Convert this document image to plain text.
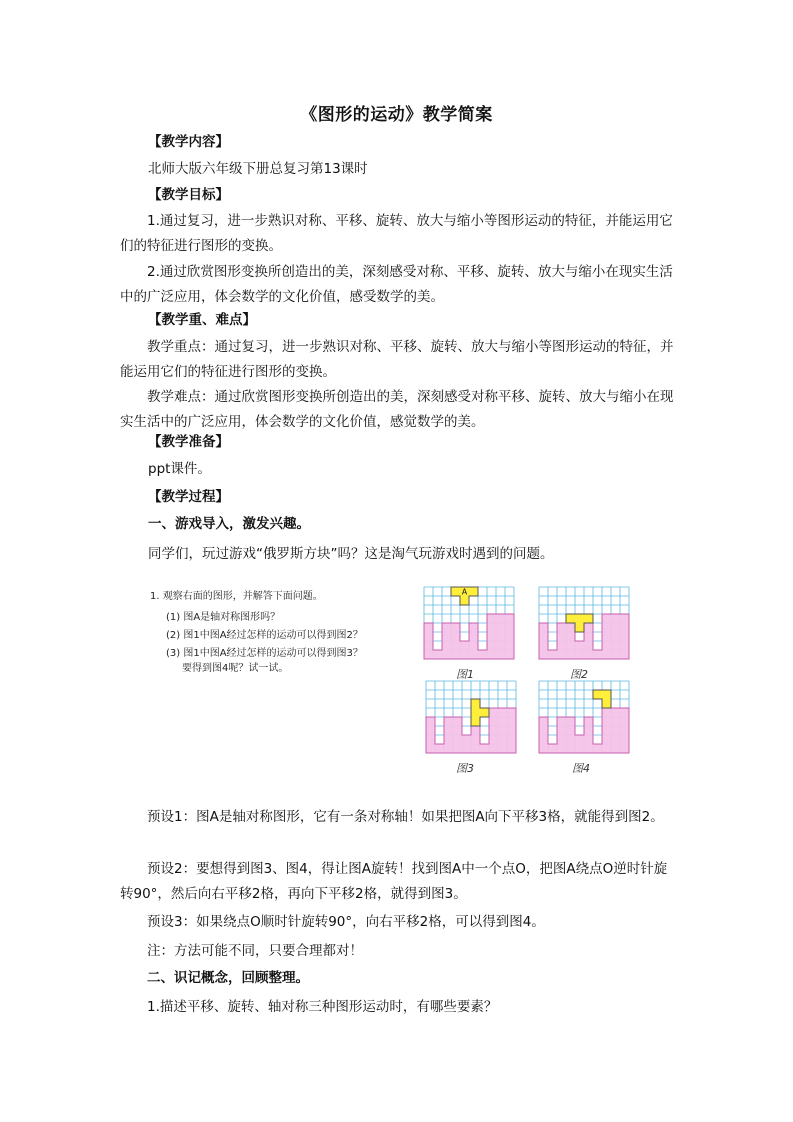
《图形的运动》教学简案
【教学内容】
北师大版六年级下册总复习第13课时
【教学目标】
1.通过复习，进一步熟识对称、平移、旋转、放大与缩小等图形运动的特征，并能运用它们的特征进行图形的变换。
2.通过欣赏图形变换所创造出的美，深刻感受对称、平移、旋转、放大与缩小在现实生活中的广泛应用，体会数学的文化价值，感受数学的美。
【教学重、难点】
教学重点：通过复习，进一步熟识对称、平移、旋转、放大与缩小等图形运动的特征，并能运用它们的特征进行图形的变换。
教学难点：通过欣赏图形变换所创造出的美，深刻感受对称平移、旋转、放大与缩小在现实生活中的广泛应用，体会数学的文化价值，感觉数学的美。
【教学准备】
ppt课件。
【教学过程】
一、游戏导入，激发兴趣。
同学们，玩过游戏“俄罗斯方块”吗？这是淘气玩游戏时遇到的问题。
1. 观察右面的图形，并解答下面问题。
(1) 图A是轴对称图形吗？
(2) 图1中图A经过怎样的运动可以得到图2？
(3) 图1中图A经过怎样的运动可以得到图3？
要得到图4呢？试一试。
A
图1	图2
图3	图4
预设1：图A是轴对称图形，它有一条对称轴！如果把图A向下平移3格，就能得到图2。
预设2：要想得到图3、图4，得让图A旋转！找到图A中一个点O，把图A绕点O逆时针旋转90°，然后向右平移2格，再向下平移2格，就得到图3。
预设3：如果绕点O顺时针旋转90°，向右平移2格，可以得到图4。
注：方法可能不同，只要合理都对！
二、识记概念，回顾整理。
1.描述平移、旋转、轴对称三种图形运动时，有哪些要素？
